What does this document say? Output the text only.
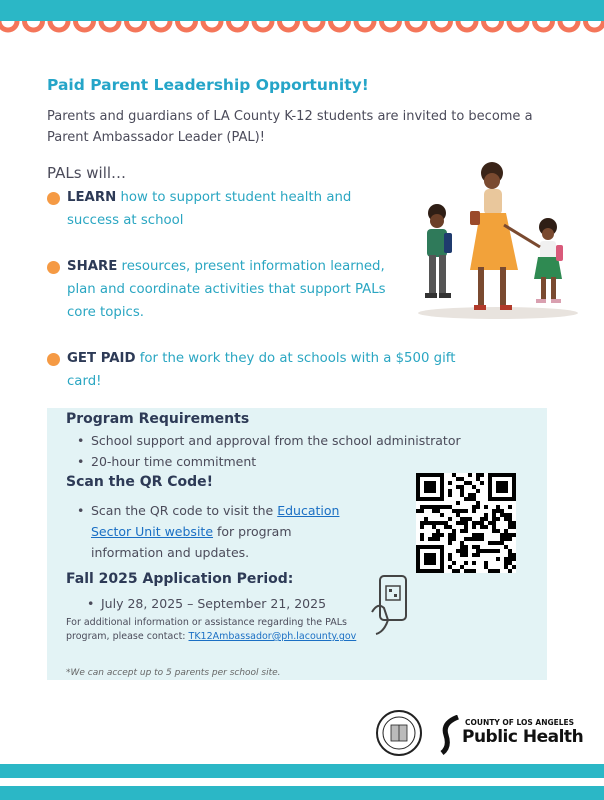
Paid Parent Leadership Opportunity!
Parents and guardians of LA County K-12 students are invited to become a Parent Ambassador Leader (PAL)!
PALs will…
LEARN how to support student health and success at school
SHARE resources, present information learned, plan and coordinate activities that support PALs core topics.
GET PAID for the work they do at schools with a $500 gift card!
Program Requirements
• School support and approval from the school administrator
• 20-hour time commitment
Scan the QR Code!
• Scan the QR code to visit the Education Sector Unit website for program information and updates.
Fall 2025 Application Period:
• July 28, 2025 – September 21, 2025
For additional information or assistance regarding the PALs program, please contact: TK12Ambassador@ph.lacounty.gov
*We can accept up to 5 parents per school site.
COUNTY OF LOS ANGELES
Public Health
